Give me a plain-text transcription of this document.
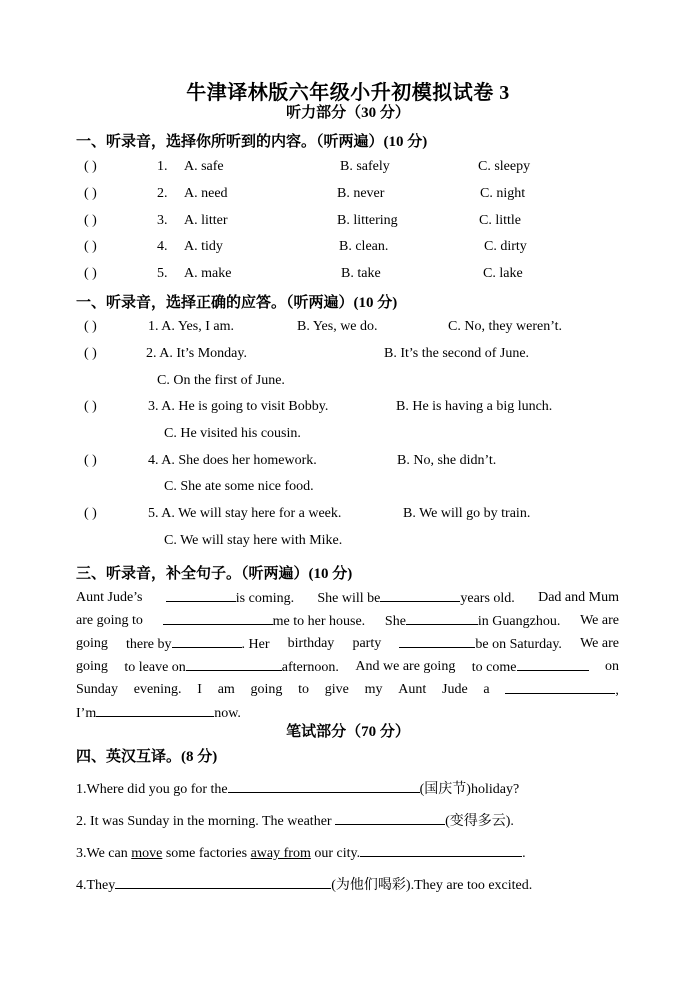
牛津译林版六年级小升初模拟试卷 3
听力部分（30 分）
一、听录音，选择你所听到的内容。（听两遍）(10 分)
( )	1. A. safe	B. safely	C. sleepy
( )	2. A. need	B. never	C. night
( )	3. A. litter	B. littering	C. little
( )	4. A. tidy	B. clean.	C. dirty
( )	5. A. make	B. take	C. lake
一、听录音，选择正确的应答。（听两遍）(10 分)
( )	1. A. Yes, I am.	B. Yes, we do.	C. No, they weren’t.
( )	2. A. It’s Monday.	B. It’s the second of June.
C. On the first of June.
( )	3. A. He is going to visit Bobby.	B. He is having a big lunch.
C. He visited his cousin.
( )	4. A. She does her homework.	B. No, she didn’t.
C. She ate some nice food.
( )	5. A. We will stay here for a week.	B. We will go by train.
C. We will stay here with Mike.
三、听录音，补全句子。（听两遍）(10 分)
Aunt Jude’s	is coming. She will be	years old. Dad and Mum
are going to	me to her house. She	in Guangzhou. We are
going there by	. Her birthday party	be on Saturday. We are
going to leave on	afternoon. And we are going to come	on
Sunday evening. I am going to give my Aunt Jude a	,
I’m	now.
笔试部分（70 分）
四、英汉互译。(8 分)
1.Where did you go for the	(国庆节)holiday?
2. It was Sunday in the morning. The weather	(变得多云).
3.We can move some factories away from our city.	.
4.They	(为他们喝彩).They are too excited.
